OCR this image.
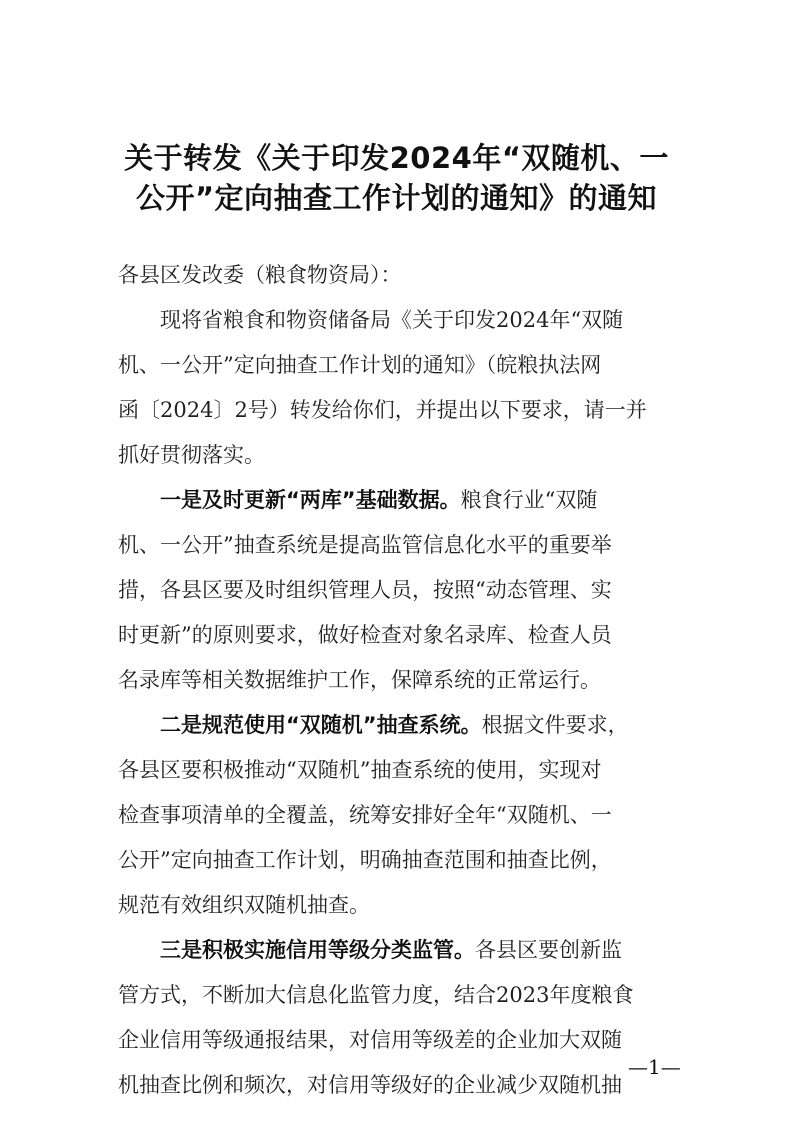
关于转发《关于印发2024年“双随机、一
公开”定向抽查工作计划的通知》的通知
各县区发改委（粮食物资局）：
现将省粮食和物资储备局《关于印发2024年“双随
机、一公开”定向抽查工作计划的通知》（皖粮执法网
函〔2024〕2号）转发给你们，并提出以下要求，请一并
抓好贯彻落实。
一是及时更新“两库”基础数据。粮食行业“双随
机、一公开”抽查系统是提高监管信息化水平的重要举
措，各县区要及时组织管理人员，按照“动态管理、实
时更新”的原则要求，做好检查对象名录库、检查人员
名录库等相关数据维护工作，保障系统的正常运行。
二是规范使用“双随机”抽查系统。根据文件要求，
各县区要积极推动“双随机”抽查系统的使用，实现对
检查事项清单的全覆盖，统筹安排好全年“双随机、一
公开”定向抽查工作计划，明确抽查范围和抽查比例，
规范有效组织双随机抽查。
三是积极实施信用等级分类监管。各县区要创新监
管方式，不断加大信息化监管力度，结合2023年度粮食
企业信用等级通报结果，对信用等级差的企业加大双随
机抽查比例和频次，对信用等级好的企业减少双随机抽
—1—
